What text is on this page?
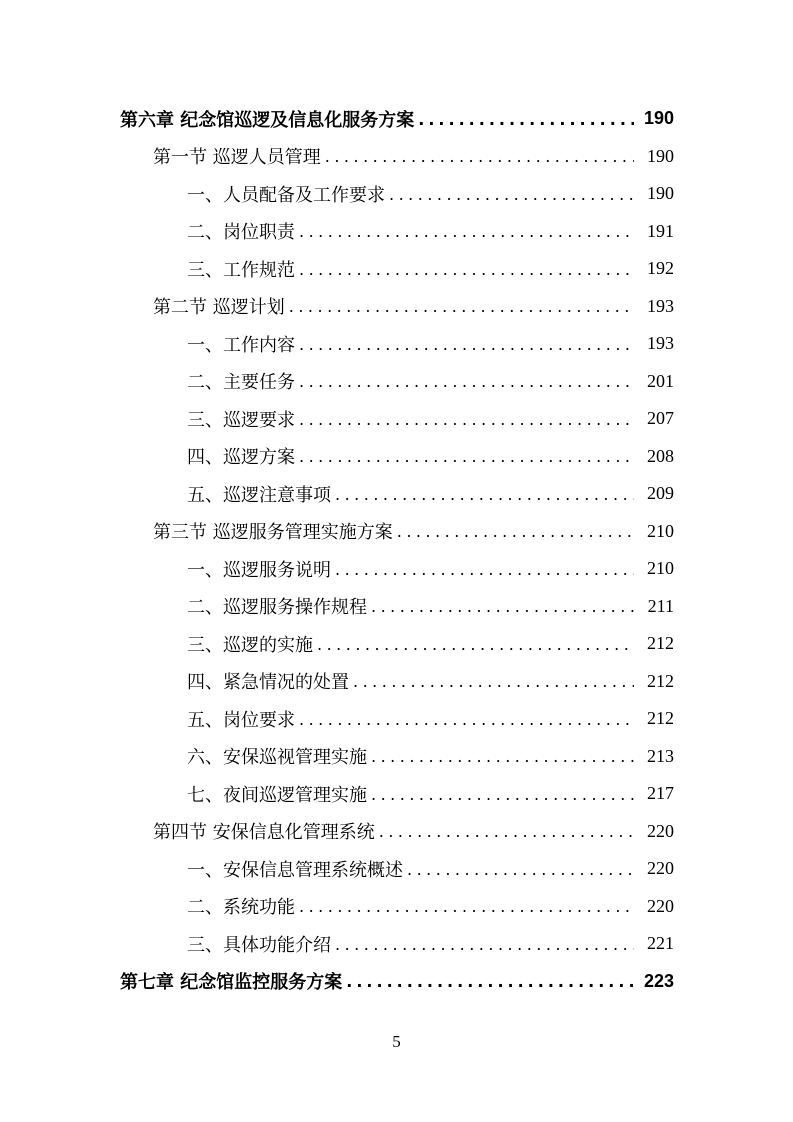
第六章 纪念馆巡逻及信息化服务方案 .....	190
第一节 巡逻人员管理 .....	190
一、人员配备及工作要求 .....	190
二、岗位职责 .....	191
三、工作规范 .....	192
第二节 巡逻计划 .....	193
一、工作内容 .....	193
二、主要任务 .....	201
三、巡逻要求 .....	207
四、巡逻方案 .....	208
五、巡逻注意事项 .....	209
第三节 巡逻服务管理实施方案 .....	210
一、巡逻服务说明 .....	210
二、巡逻服务操作规程 .....	211
三、巡逻的实施 .....	212
四、紧急情况的处置 .....	212
五、岗位要求 .....	212
六、安保巡视管理实施 .....	213
七、夜间巡逻管理实施 .....	217
第四节 安保信息化管理系统 .....	220
一、安保信息管理系统概述 .....	220
二、系统功能 .....	220
三、具体功能介绍 .....	221
第七章 纪念馆监控服务方案 .....	223
5
